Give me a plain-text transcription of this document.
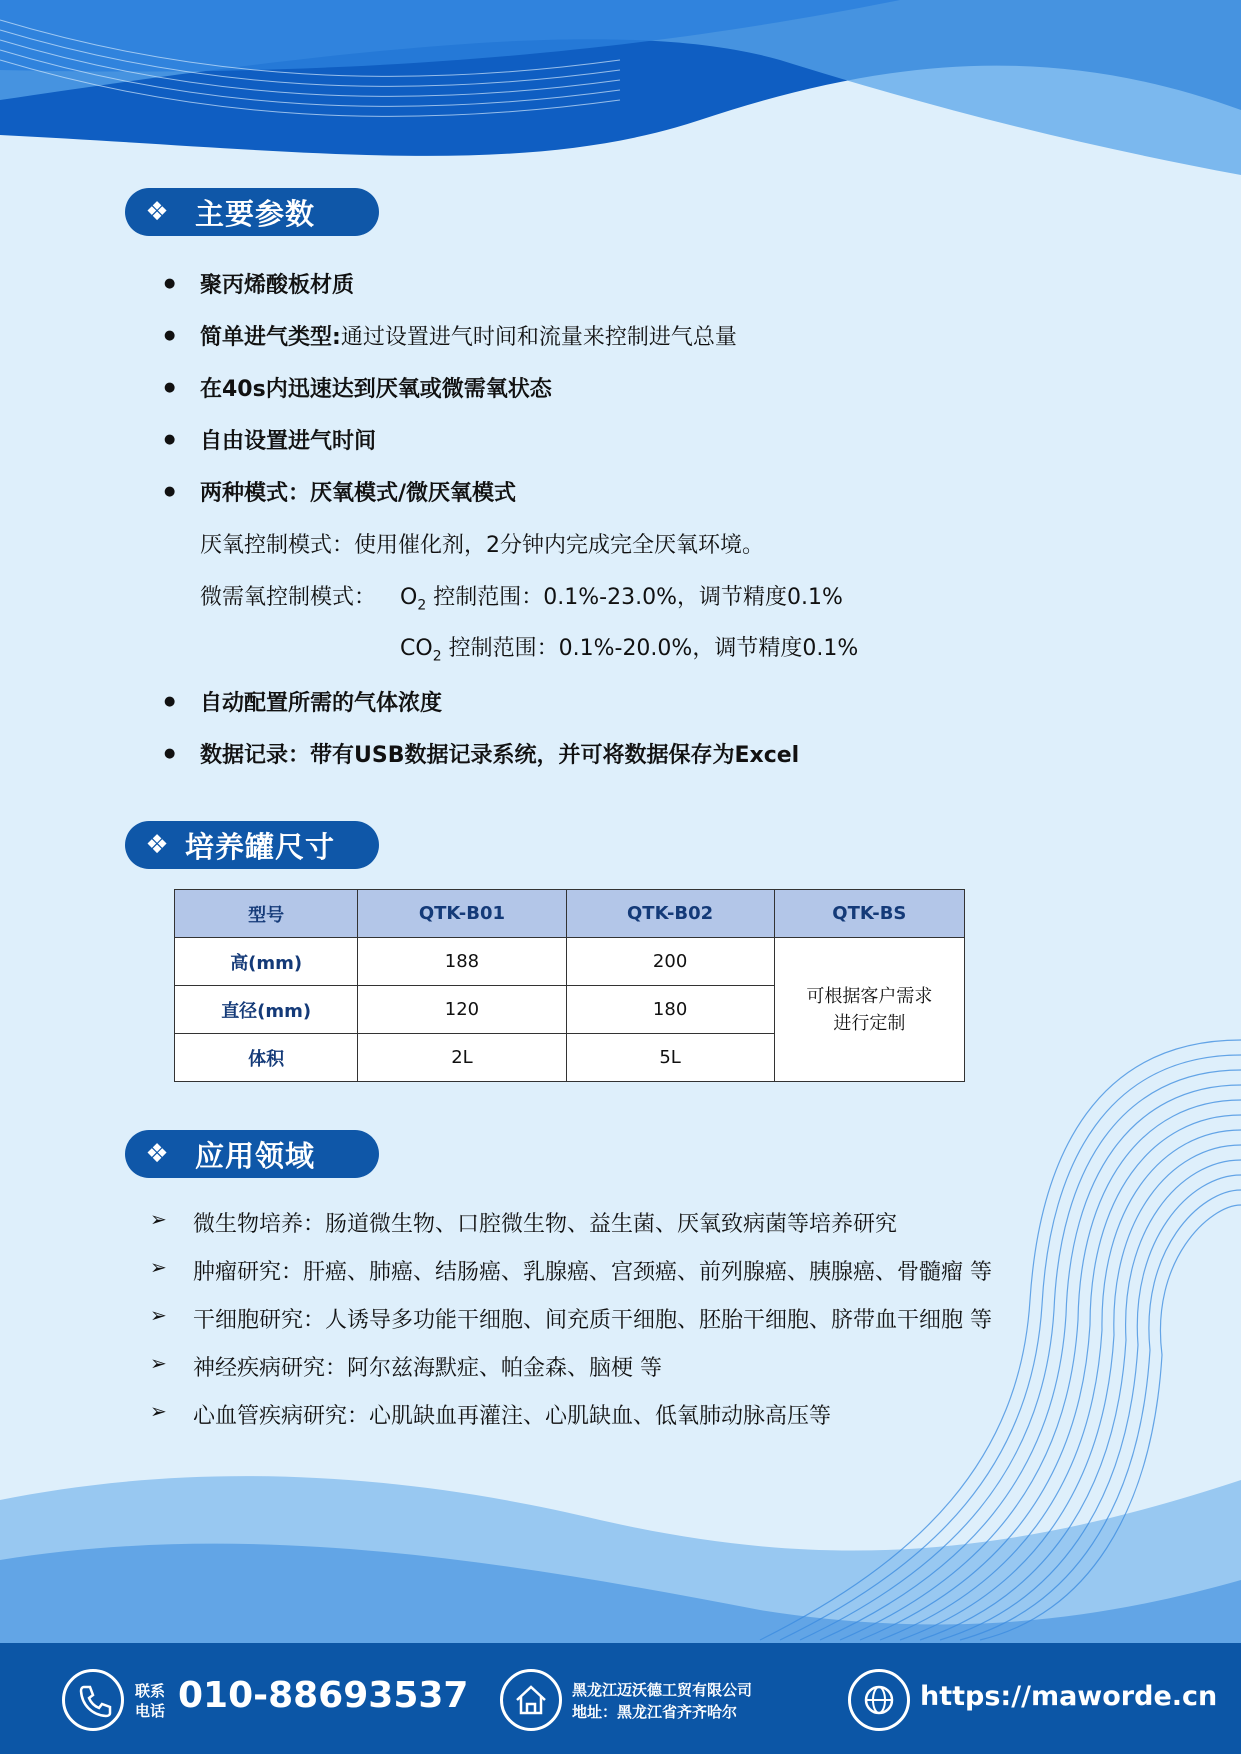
❖ 主要参数
● 聚丙烯酸板材质
● 简单进气类型:通过设置进气时间和流量来控制进气总量
● 在40s内迅速达到厌氧或微需氧状态
● 自由设置进气时间
● 两种模式：厌氧模式/微厌氧模式
厌氧控制模式：使用催化剂，2分钟内完成完全厌氧环境。
微需氧控制模式： $O_2$ 控制范围：0.1%-23.0%，调节精度0.1%
$CO_2$ 控制范围：0.1%-20.0%，调节精度0.1%
● 自动配置所需的气体浓度
● 数据记录：带有USB数据记录系统，并可将数据保存为Excel
❖ 培养罐尺寸
型号	QTK-B01	QTK-B02	QTK-BS
高(mm)	188	200	可根据客户需求
进行定制
直径(mm)	120	180	
体积	2L	5L	
❖ 应用领域
➢ 微生物培养：肠道微生物、口腔微生物、益生菌、厌氧致病菌等培养研究
➢ 肿瘤研究：肝癌、肺癌、结肠癌、乳腺癌、宫颈癌、前列腺癌、胰腺癌、骨髓瘤 等
➢ 干细胞研究：人诱导多功能干细胞、间充质干细胞、胚胎干细胞、脐带血干细胞 等
➢ 神经疾病研究：阿尔兹海默症、帕金森、脑梗 等
➢ 心血管疾病研究：心肌缺血再灌注、心肌缺血、低氧肺动脉高压等
联系
电话 010-88693537	黑龙江迈沃德工贸有限公司
地址：黑龙江省齐齐哈尔	https://maworde.cn
